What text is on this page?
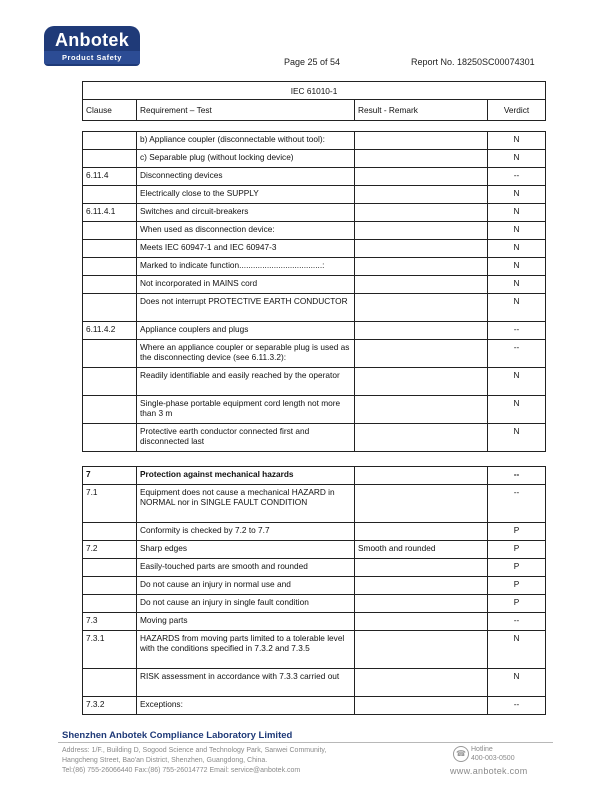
Anbotek
Product Safety	Page 25 of 54	Report No. 18250SC00074301
IEC 61010-1
Clause	Requirement – Test	Result - Remark	Verdict
	b) Appliance coupler (disconnectable without tool):		N
	c) Separable plug (without locking device)		N
6.11.4	Disconnecting devices		--
	Electrically close to the SUPPLY		N
6.11.4.1	Switches and circuit-breakers		N
	When used as disconnection device:		N
	Meets IEC 60947-1 and IEC 60947-3		N
	Marked to indicate function....................................:		N
	Not incorporated in MAINS cord		N
	Does not interrupt PROTECTIVE EARTH CONDUCTOR		N
6.11.4.2	Appliance couplers and plugs		--
	Where an appliance coupler or separable plug is used as the disconnecting device (see 6.11.3.2):		--
	Readily identifiable and easily reached by the operator		N
	Single-phase portable equipment cord length not more than 3 m		N
	Protective earth conductor connected first and disconnected last		N
7	Protection against mechanical hazards		--
7.1	Equipment does not cause a mechanical HAZARD in NORMAL nor in SINGLE FAULT CONDITION		--
	Conformity is checked by 7.2 to 7.7		P
7.2	Sharp edges	Smooth and rounded	P
	Easily-touched parts are smooth and rounded		P
	Do not cause an injury in normal use and		P
	Do not cause an injury in single fault condition		P
7.3	Moving parts		--
7.3.1	HAZARDS from moving parts limited to a tolerable level with the conditions specified in 7.3.2 and 7.3.5		N
	RISK assessment in accordance with 7.3.3 carried out		N
7.3.2	Exceptions:		--
Shenzhen Anbotek Compliance Laboratory Limited
Address: 1/F., Building D, Sogood Science and Technology Park, Sanwei Community,
Hangcheng Street, Bao'an District, Shenzhen, Guangdong, China.
Tel:(86) 755-26066440 Fax:(86) 755-26014772 Email: service@anbotek.com
☎ Hotline
400-003-0500
www.anbotek.com
